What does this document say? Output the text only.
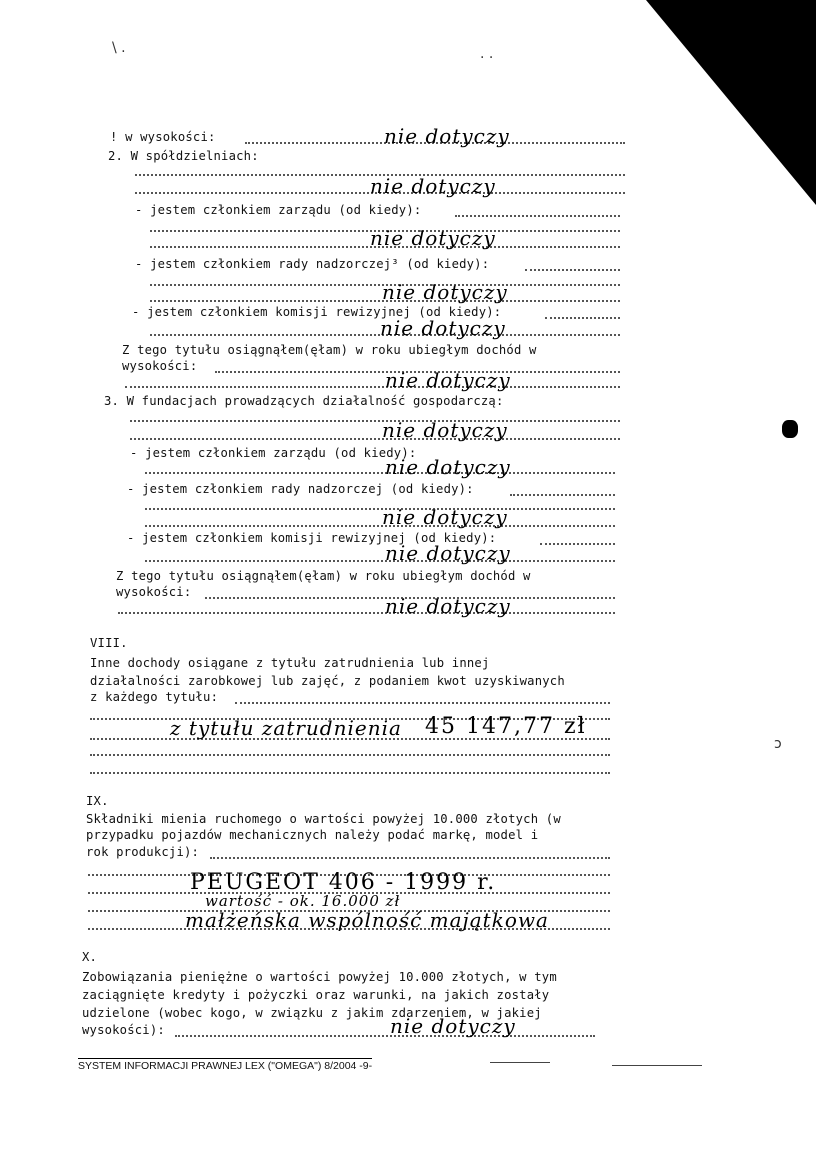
\ .	. .
! w wysokości:	nie dotyczy
2. W spółdzielniach:
nie dotyczy
- jestem członkiem zarządu (od kiedy):
nie dotyczy
- jestem członkiem rady nadzorczej³ (od kiedy):
nie dotyczy
- jestem członkiem komisji rewizyjnej (od kiedy):
nie dotyczy
Z tego tytułu osiągnąłem(ęłam) w roku ubiegłym dochód w
wysokości:
nie dotyczy
3. W fundacjach prowadzących działalność gospodarczą:
nie dotyczy
- jestem członkiem zarządu (od kiedy):
nie dotyczy
- jestem członkiem rady nadzorczej (od kiedy):
nie dotyczy
- jestem członkiem komisji rewizyjnej (od kiedy):
nie dotyczy
Z tego tytułu osiągnąłem(ęłam) w roku ubiegłym dochód w
wysokości:
nie dotyczy
VIII.
Inne dochody osiągane z tytułu zatrudnienia lub innej
działalności zarobkowej lub zajęć, z podaniem kwot uzyskiwanych
z każdego tytułu:
z tytułu zatrudnienia 45 147,77 zł
ɔ
IX.
Składniki mienia ruchomego o wartości powyżej 10.000 złotych (w
przypadku pojazdów mechanicznych należy podać markę, model i
rok produkcji):
PEUGEOT 406 - 1999 r.
wartość - ok. 16.000 zł
małżeńska wspólność majątkowa
X.
Zobowiązania pieniężne o wartości powyżej 10.000 złotych, w tym
zaciągnięte kredyty i pożyczki oraz warunki, na jakich zostały
udzielone (wobec kogo, w związku z jakim zdarzeniem, w jakiej
wysokości):	nie dotyczy
SYSTEM INFORMACJI PRAWNEJ LEX ("OMEGA") 8/2004 -9-
